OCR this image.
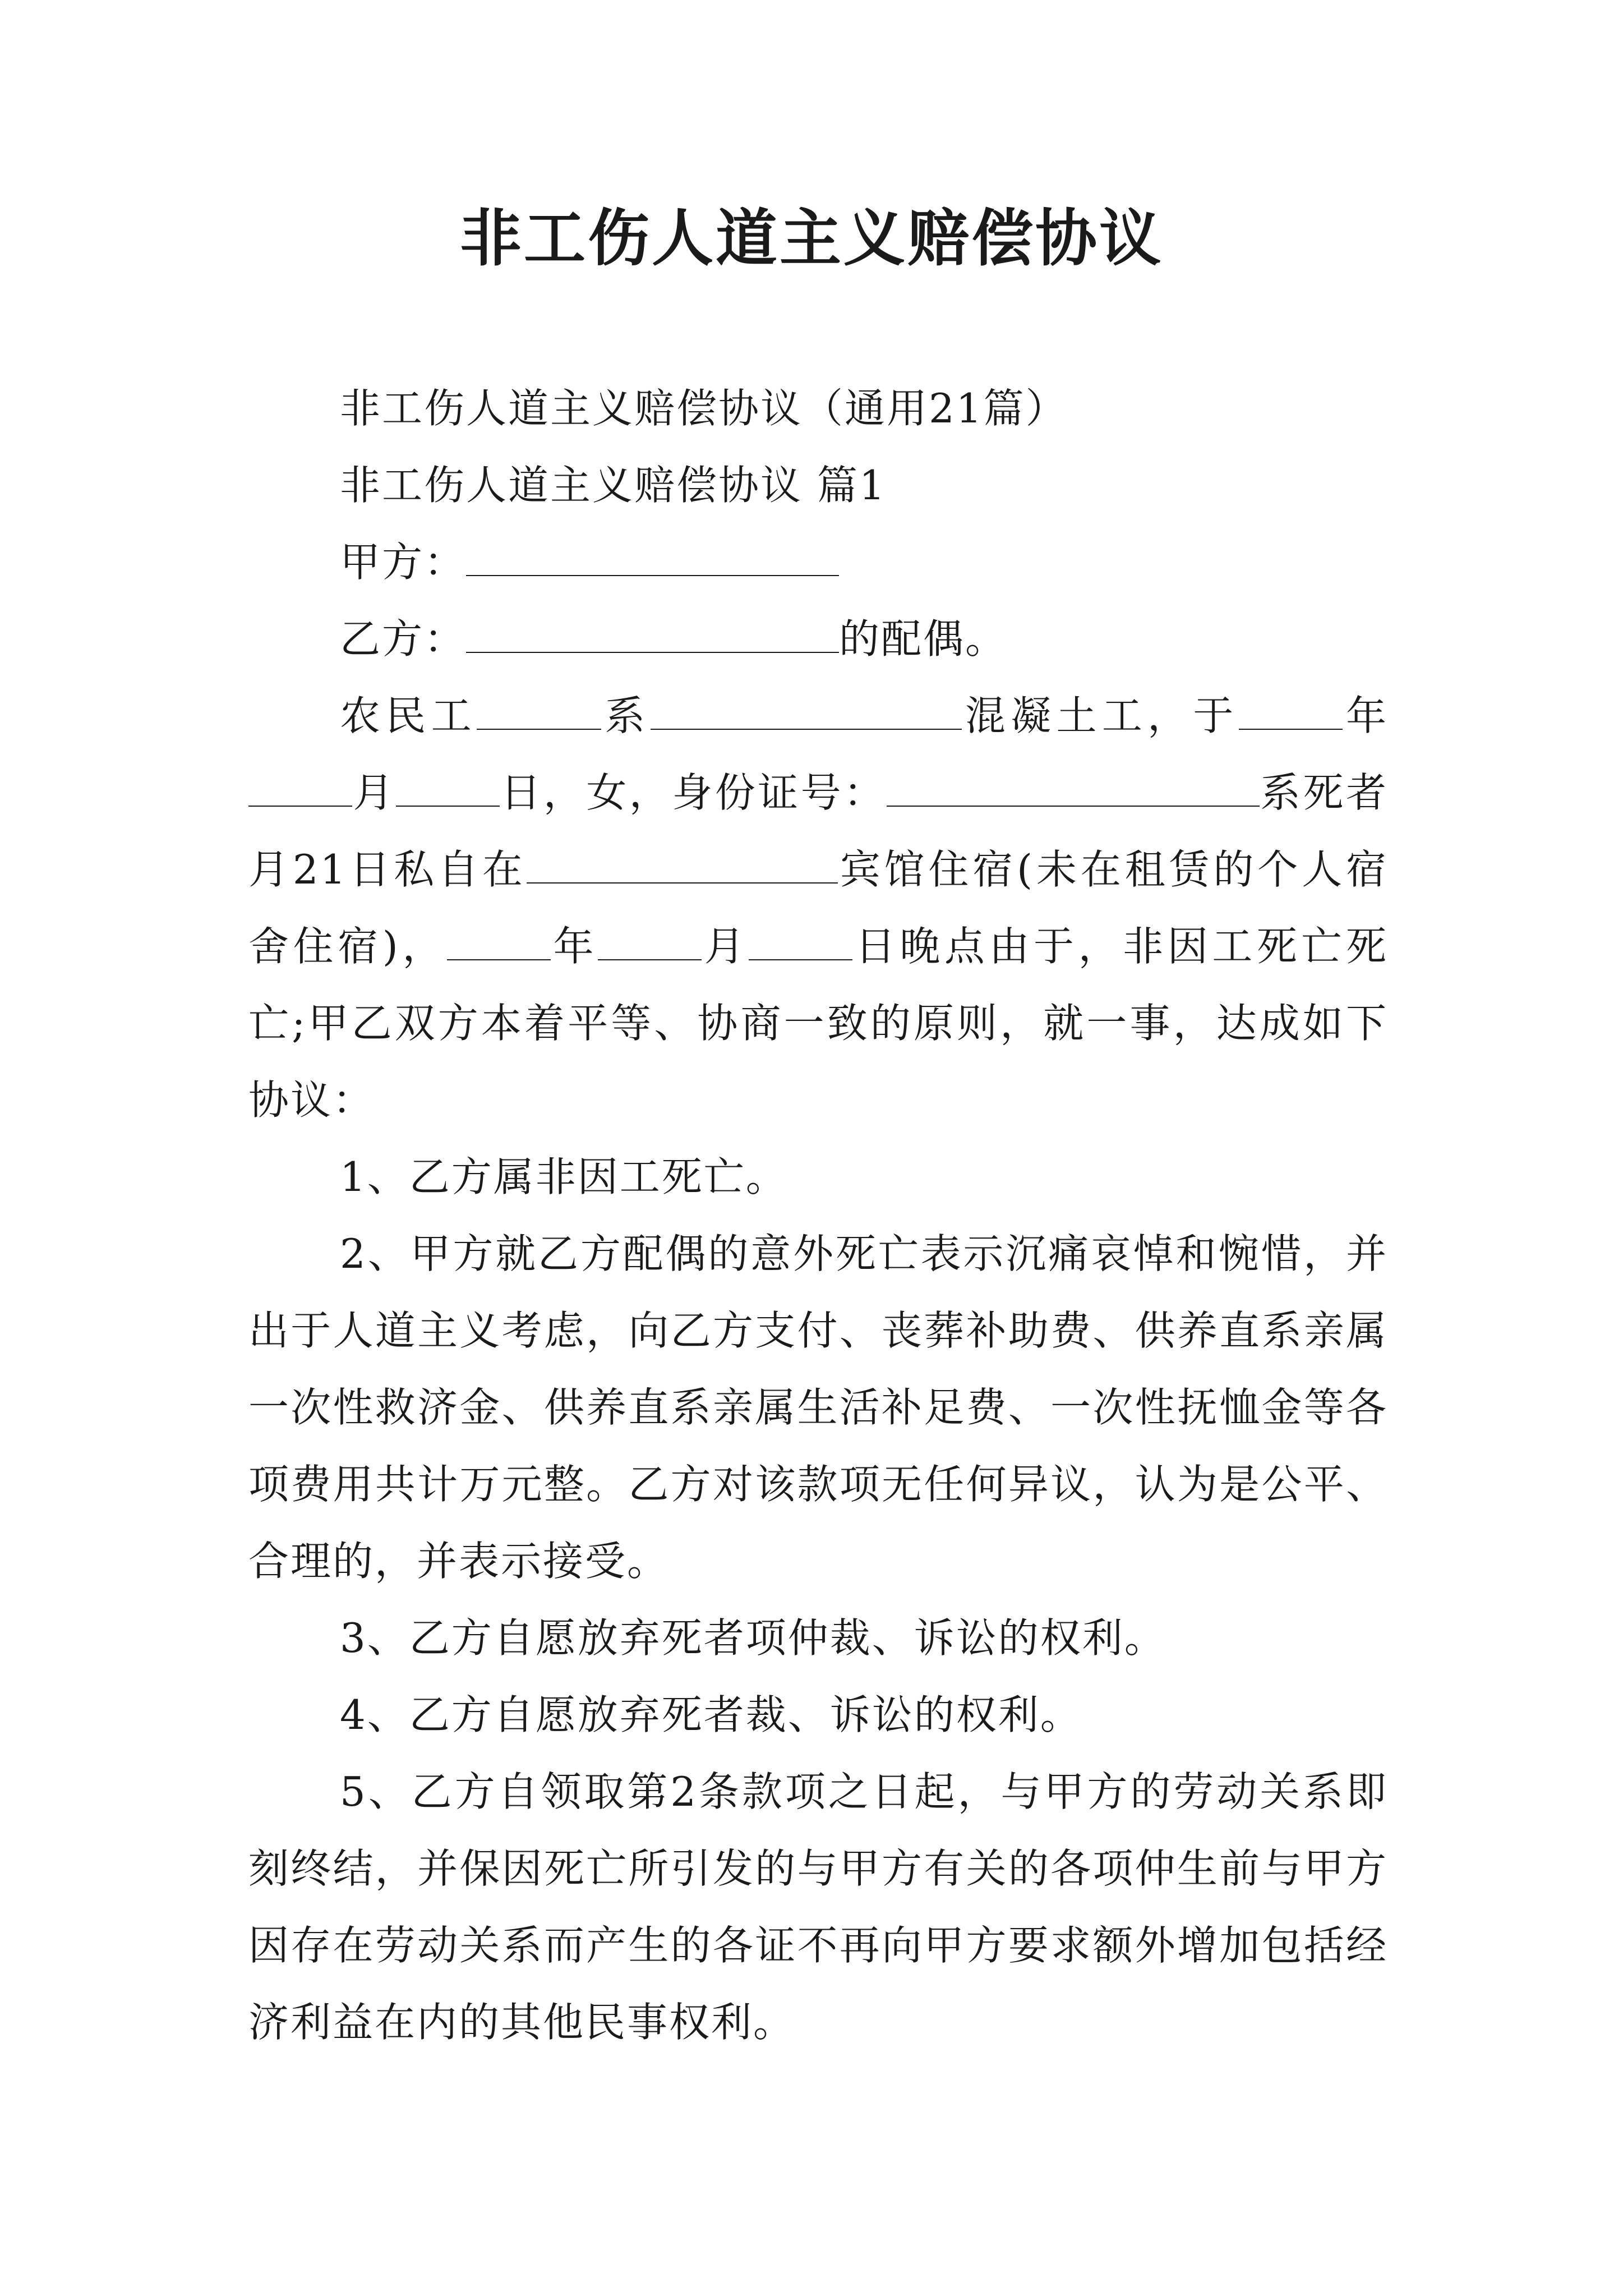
非工伤人道主义赔偿协议

非工伤人道主义赔偿协议（通用21篇）

非工伤人道主义赔偿协议 篇1

甲方：

乙方：	的配偶。

农民工	系	混凝土工，于	年月	日，女，身份证号：	系死者月21日私自在	宾馆住宿(未在租赁的个人宿舍住宿)，	年	月	日晚点由于，非因工死亡死亡;甲乙双方本着平等、协商一致的原则，就一事，达成如下协议：

1、乙方属非因工死亡。

2、甲方就乙方配偶的意外死亡表示沉痛哀悼和惋惜，并出于人道主义考虑，向乙方支付、丧葬补助费、供养直系亲属一次性救济金、供养直系亲属生活补足费、一次性抚恤金等各项费用共计万元整。乙方对该款项无任何异议，认为是公平、合理的，并表示接受。

3、乙方自愿放弃死者项仲裁、诉讼的权利。

4、乙方自愿放弃死者裁、诉讼的权利。

5、乙方自领取第2条款项之日起，与甲方的劳动关系即刻终结，并保因死亡所引发的与甲方有关的各项仲生前与甲方因存在劳动关系而产生的各证不再向甲方要求额外增加包括经济利益在内的其他民事权利。
